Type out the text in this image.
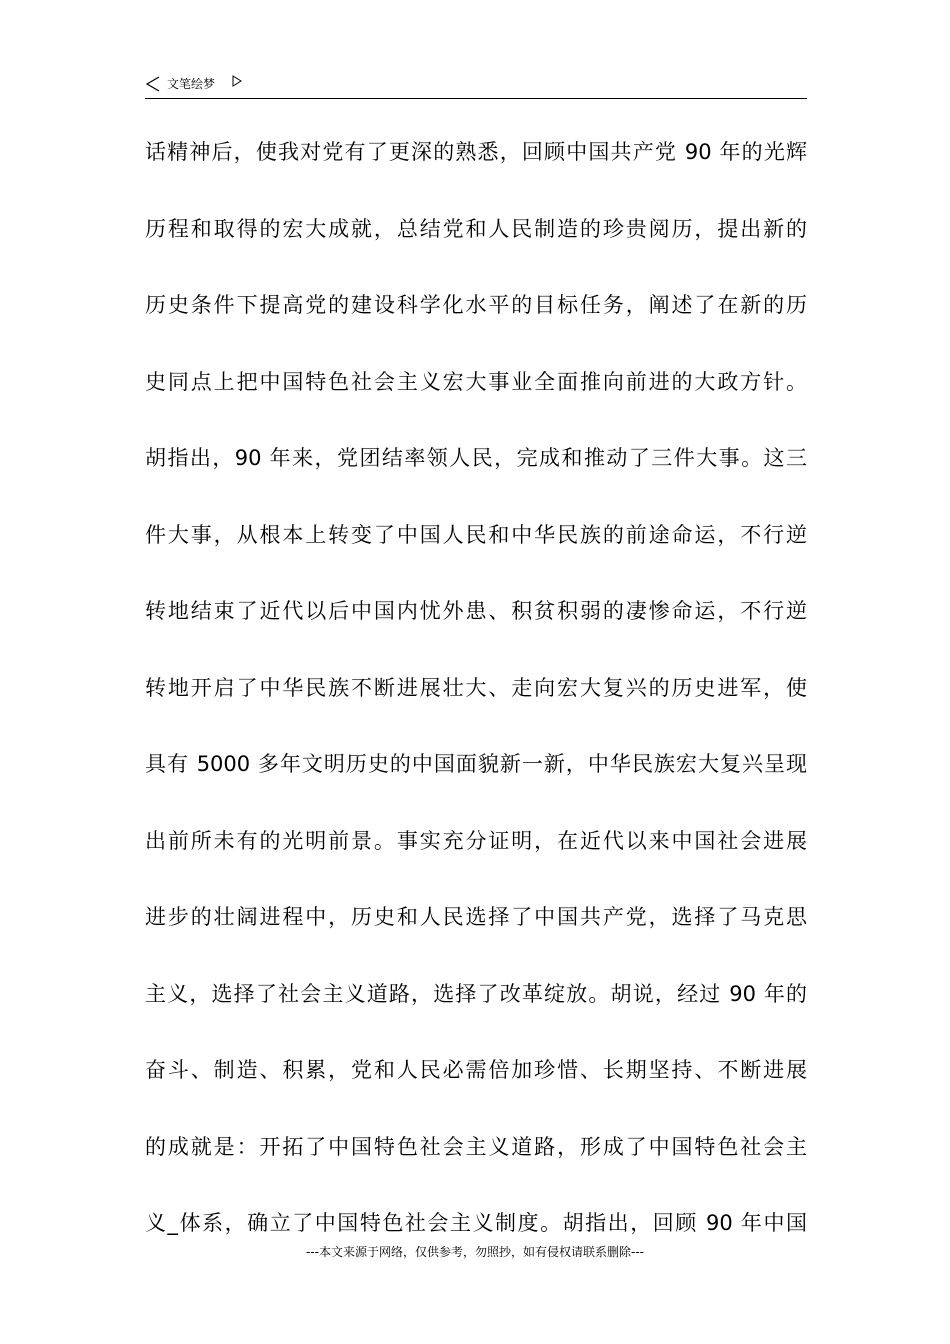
文笔绘梦
话精神后，使我对党有了更深的熟悉，回顾中国共产党 90 年的光辉
历程和取得的宏大成就，总结党和人民制造的珍贵阅历，提出新的
历史条件下提高党的建设科学化水平的目标任务，阐述了在新的历
史同点上把中国特色社会主义宏大事业全面推向前进的大政方针。
胡指出，90 年来，党团结率领人民，完成和推动了三件大事。这三
件大事，从根本上转变了中国人民和中华民族的前途命运，不行逆
转地结束了近代以后中国内忧外患、积贫积弱的凄惨命运，不行逆
转地开启了中华民族不断进展壮大、走向宏大复兴的历史进军，使
具有 5000 多年文明历史的中国面貌新一新，中华民族宏大复兴呈现
出前所未有的光明前景。事实充分证明，在近代以来中国社会进展
进步的壮阔进程中，历史和人民选择了中国共产党，选择了马克思
主义，选择了社会主义道路，选择了改革绽放。胡说，经过 90 年的
奋斗、制造、积累，党和人民必需倍加珍惜、长期坚持、不断进展
的成就是：开拓了中国特色社会主义道路，形成了中国特色社会主
义_体系，确立了中国特色社会主义制度。胡指出，回顾 90 年中国
---本文来源于网络，仅供参考，勿照抄，如有侵权请联系删除---
